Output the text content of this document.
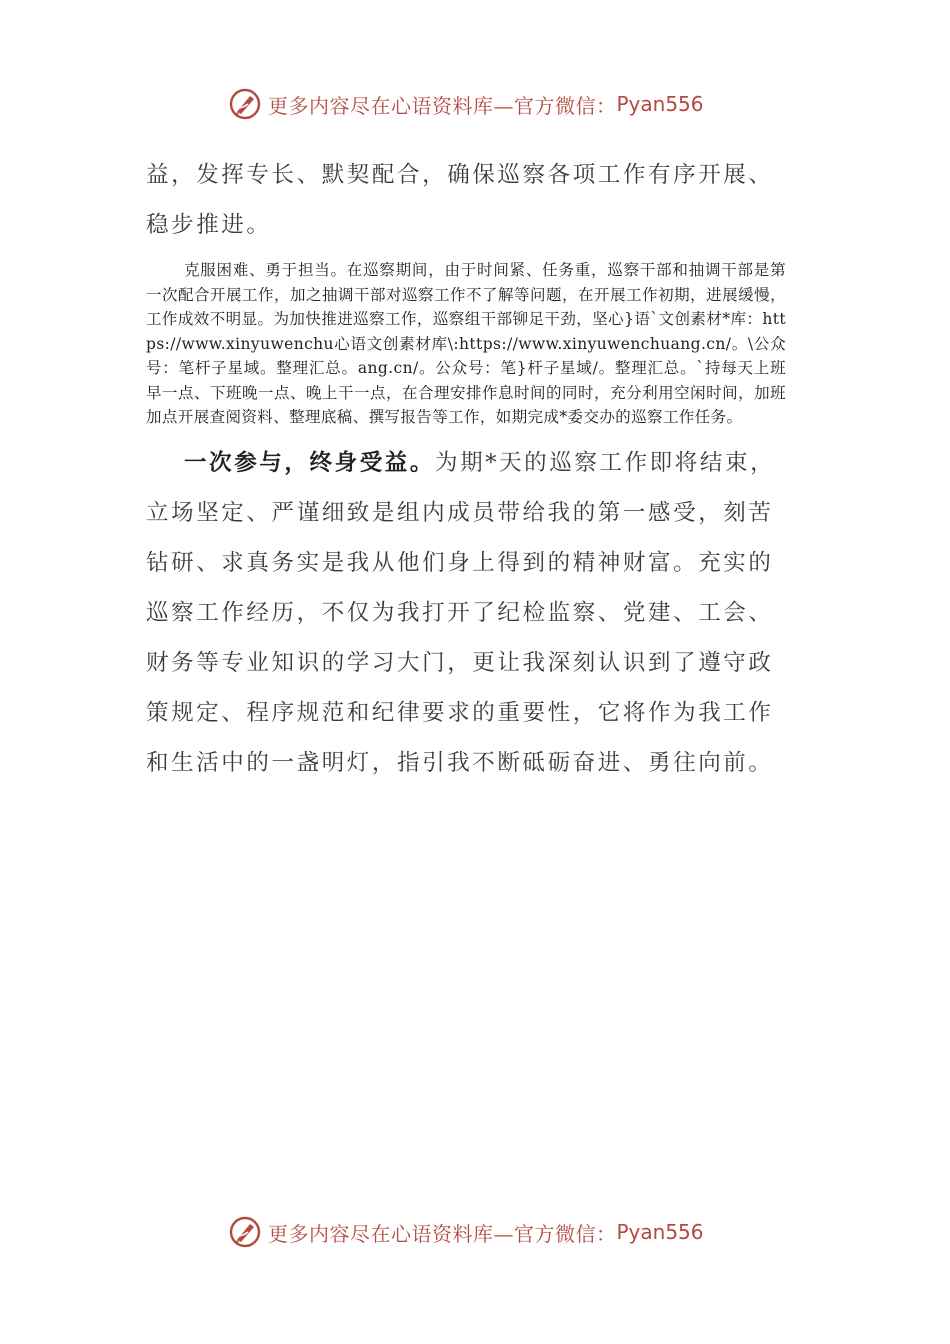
更多内容尽在心语资料库—官方微信： Pyan556

益，发挥专长、默契配合，确保巡察各项工作有序开展、稳步推进。

克服困难、勇于担当。在巡察期间，由于时间紧、任务重，巡察干部和抽调干部是第一次配合开展工作，加之抽调干部对巡察工作不了解等问题，在开展工作初期，进展缓慢，工作成效不明显。为加快推进巡察工作，巡察组干部铆足干劲，坚心}语`文创素材*库：https://www.xinyuwenchu心语文创素材库\:https://www.xinyuwenchuang.cn/。\公众号：笔杆子星域。整理汇总。ang.cn/。公众号：笔}杆子星域/。整理汇总。`持每天上班早一点、下班晚一点、晚上干一点，在合理安排作息时间的同时，充分利用空闲时间，加班加点开展查阅资料、整理底稿、撰写报告等工作，如期完成*委交办的巡察工作任务。

一次参与，终身受益。为期*天的巡察工作即将结束，立场坚定、严谨细致是组内成员带给我的第一感受，刻苦钻研、求真务实是我从他们身上得到的精神财富。充实的巡察工作经历，不仅为我打开了纪检监察、党建、工会、财务等专业知识的学习大门，更让我深刻认识到了遵守政策规定、程序规范和纪律要求的重要性，它将作为我工作和生活中的一盏明灯，指引我不断砥砺奋进、勇往向前。

更多内容尽在心语资料库—官方微信： Pyan556
